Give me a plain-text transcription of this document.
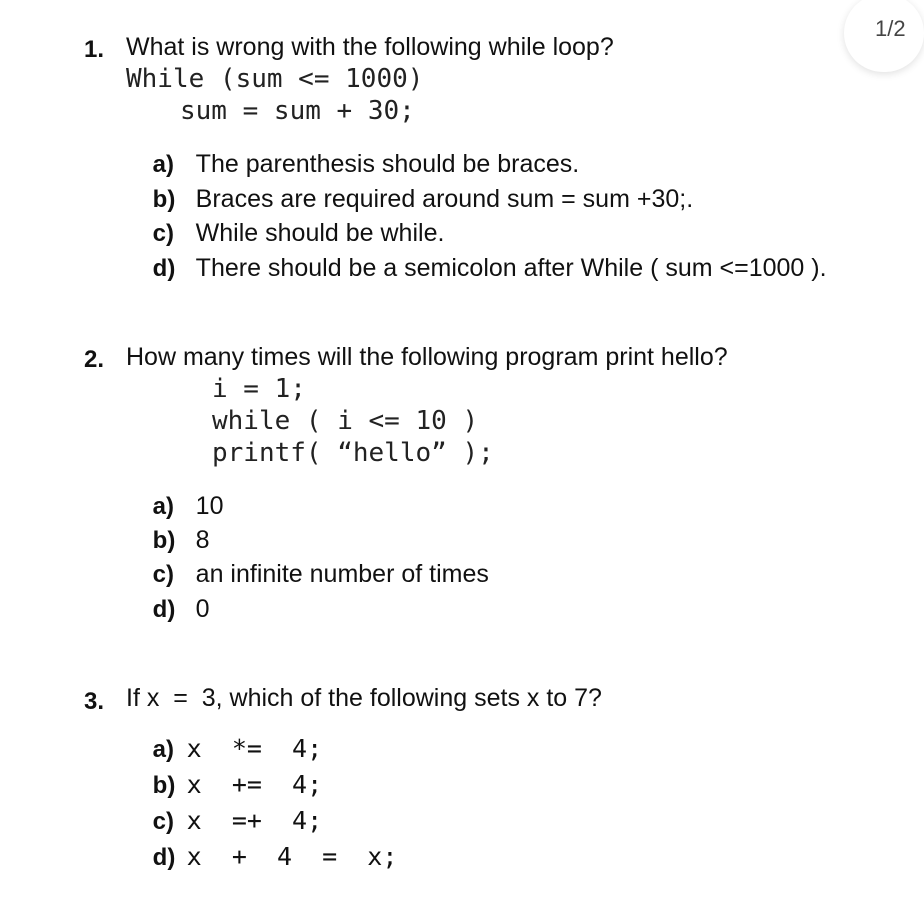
1/2
1. What is wrong with the following while loop?
While (sum <= 1000)
sum = sum + 30;

a) The parenthesis should be braces.

b) Braces are required around sum = sum +30;.

c) While should be while.

d) There should be a semicolon after While ( sum <=1000 ).

2. How many times will the following program print hello?
i = 1;
while ( i <= 10 )
printf( “hello” );

a) 10

b) 8

c) an infinite number of times

d) 0

3. If x  =  3, which of the following sets x to 7?

a) x  *=  4;

b) x  +=  4;

c) x  =+  4;

d) x  +  4  =  x;
